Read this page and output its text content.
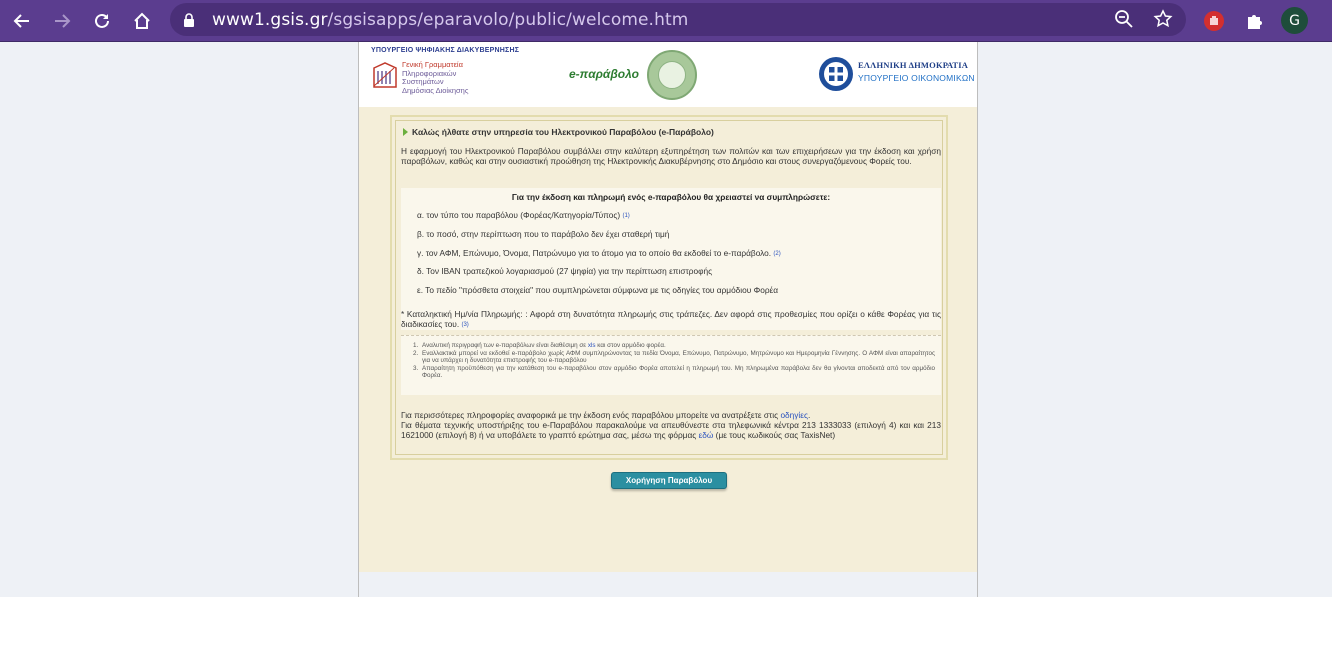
www1.gsis.gr/sgsisapps/eparavolo/public/welcome.htm	G
ΥΠΟΥΡΓΕΙΟ ΨΗΦΙΑΚΗΣ ΔΙΑΚΥΒΕΡΝΗΣΗΣ
Γενική Γραμματεία
Πληροφοριακών
Συστημάτων
Δημόσιας Διοίκησης
e-παράβολο
ΕΛΛΗΝΙΚΗ ΔΗΜΟΚΡΑΤΙΑ
ΥΠΟΥΡΓΕΙΟ ΟΙΚΟΝΟΜΙΚΩΝ
Καλώς ήλθατε στην υπηρεσία του Ηλεκτρονικού Παραβόλου (e-Παράβολο)
Η εφαρμογή του Ηλεκτρονικού Παραβόλου συμβάλλει στην καλύτερη εξυπηρέτηση των πολιτών και των επιχειρήσεων για την έκδοση και χρήση παραβόλων, καθώς και στην ουσιαστική προώθηση της Ηλεκτρονικής Διακυβέρνησης στο Δημόσιο και στους συνεργαζόμενους Φορείς του.
Για την έκδοση και πληρωμή ενός e-παραβόλου θα χρειαστεί να συμπληρώσετε:
α. τον τύπο του παραβόλου (Φορέας/Κατηγορία/Τύπος) (1)
β. το ποσό, στην περίπτωση που το παράβολο δεν έχει σταθερή τιμή
γ. τον ΑΦΜ, Επώνυμο, Όνομα, Πατρώνυμο για το άτομο για το οποίο θα εκδοθεί το e-παράβολο. (2)
δ. Τον IBAN τραπεζικού λογαριασμού (27 ψηφία) για την περίπτωση επιστροφής
ε. Το πεδίο "πρόσθετα στοιχεία" που συμπληρώνεται σύμφωνα με τις οδηγίες του αρμόδιου Φορέα
* Καταληκτική Ημ/νία Πληρωμής: : Αφορά στη δυνατότητα πληρωμής στις τράπεζες. Δεν αφορά στις προθεσμίες που ορίζει ο κάθε Φορέας για τις διαδικασίες του. (3)
1. Αναλυτική περιγραφή των e-παραβόλων είναι διαθέσιμη σε xls και στον αρμόδιο φορέα.
2. Εναλλακτικά μπορεί να εκδοθεί e-παράβολο χωρίς ΑΦΜ συμπληρώνοντας τα πεδία Όνομα, Επώνυμο, Πατρώνυμο, Μητρώνυμο και Ημερομηνία Γέννησης. Ο ΑΦΜ είναι απαραίτητος για να υπάρχει η δυνατότητα επιστροφής του e-παραβόλου
3. Απαραίτητη προϋπόθεση για την κατάθεση του e-παραβόλου στον αρμόδιο Φορέα αποτελεί η πληρωμή του. Μη πληρωμένα παράβολα δεν θα γίνονται αποδεκτά από τον αρμόδιο Φορέα.
Για περισσότερες πληροφορίες αναφορικά με την έκδοση ενός παραβόλου μπορείτε να ανατρέξετε στις οδηγίες.
Για θέματα τεχνικής υποστήριξης του e-Παραβόλου παρακαλούμε να απευθύνεστε στα τηλεφωνικά κέντρα 213 1333033 (επιλογή 4) και και 213 1621000 (επιλογή 8) ή να υποβάλετε το γραπτό ερώτημα σας, μέσω της φόρμας εδώ (με τους κωδικούς σας TaxisNet)
Χορήγηση Παραβόλου
